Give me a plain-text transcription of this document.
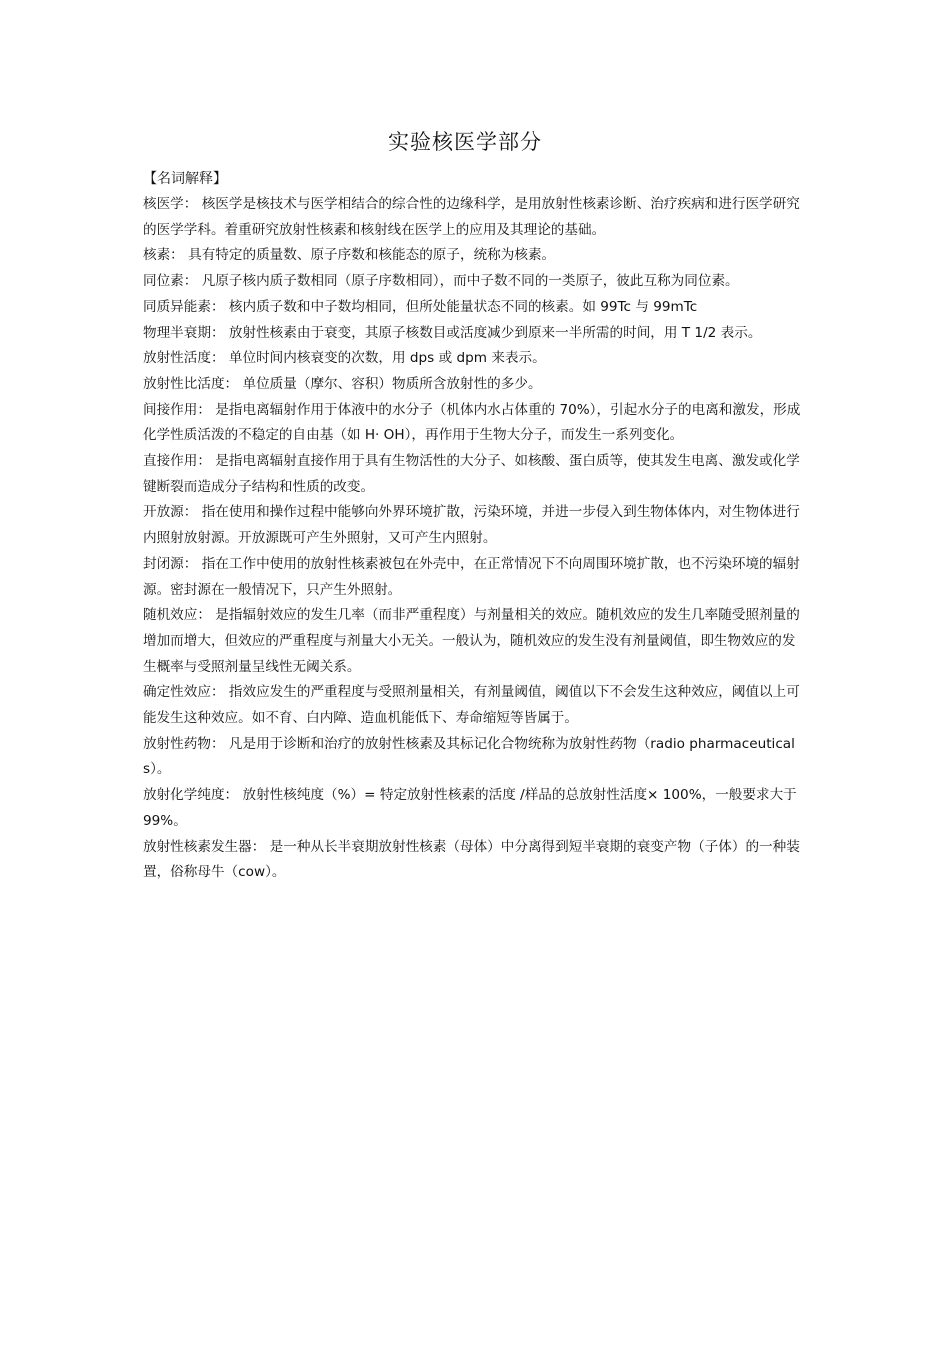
实验核医学部分
【名词解释】

核医学： 核医学是核技术与医学相结合的综合性的边缘科学，是用放射性核素诊断、治疗疾病和进行医学研究的医学学科。着重研究放射性核素和核射线在医学上的应用及其理论的基础。

核素： 具有特定的质量数、原子序数和核能态的原子，统称为核素。

同位素： 凡原子核内质子数相同（原子序数相同），而中子数不同的一类原子，彼此互称为同位素。

同质异能素： 核内质子数和中子数均相同，但所处能量状态不同的核素。如 99Tc 与 99mTc

物理半衰期： 放射性核素由于衰变，其原子核数目或活度减少到原来一半所需的时间，用 T 1/2 表示。

放射性活度： 单位时间内核衰变的次数，用 dps 或 dpm 来表示。

放射性比活度： 单位质量（摩尔、容积）物质所含放射性的多少。

间接作用： 是指电离辐射作用于体液中的水分子（机体内水占体重的 70%），引起水分子的电离和激发，形成化学性质活泼的不稳定的自由基（如 H· OH），再作用于生物大分子，而发生一系列变化。

直接作用： 是指电离辐射直接作用于具有生物活性的大分子、如核酸、蛋白质等，使其发生电离、激发或化学键断裂而造成分子结构和性质的改变。

开放源： 指在使用和操作过程中能够向外界环境扩散，污染环境，并进一步侵入到生物体体内，对生物体进行内照射放射源。开放源既可产生外照射，又可产生内照射。

封闭源： 指在工作中使用的放射性核素被包在外壳中，在正常情况下不向周围环境扩散，也不污染环境的辐射源。密封源在一般情况下，只产生外照射。

随机效应： 是指辐射效应的发生几率（而非严重程度）与剂量相关的效应。随机效应的发生几率随受照剂量的增加而增大，但效应的严重程度与剂量大小无关。一般认为，随机效应的发生没有剂量阈值，即生物效应的发生概率与受照剂量呈线性无阈关系。

确定性效应： 指效应发生的严重程度与受照剂量相关，有剂量阈值，阈值以下不会发生这种效应，阈值以上可能发生这种效应。如不育、白内障、造血机能低下、寿命缩短等皆属于。

放射性药物： 凡是用于诊断和治疗的放射性核素及其标记化合物统称为放射性药物（radio pharmaceuticals）。

放射化学纯度： 放射性核纯度（%）= 特定放射性核素的活度 /样品的总放射性活度× 100%，一般要求大于 99%。

放射性核素发生器： 是一种从长半衰期放射性核素（母体）中分离得到短半衰期的衰变产物（子体）的一种装置，俗称母牛（cow）。
